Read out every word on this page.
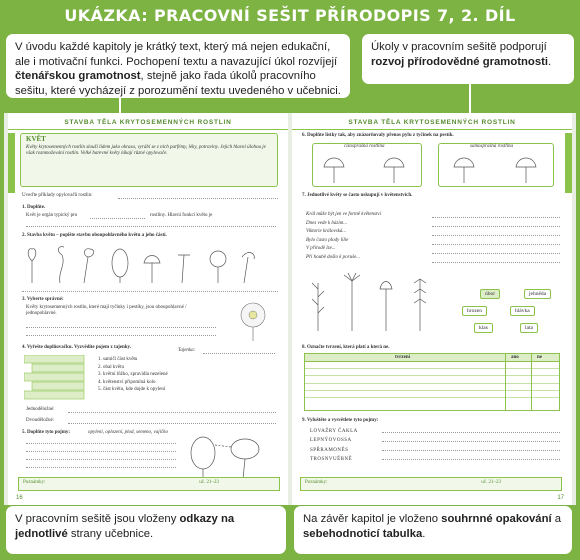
UKÁZKA: PRACOVNÍ SEŠIT PŘÍRODOPIS 7, 2. DÍL
V úvodu každé kapitoly je krátký text, který má nejen edukační, ale i motivační funkci. Pochopení textu a navazující úkol rozvíjejí čtenářskou gramotnost, stejně jako řada úkolů pracovního sešitu, které vycházejí z porozumění textu uvedeného v učebnici.
Úkoly v pracovním sešitě podporují rozvoj přírodovědné gramotnosti.
V pracovním sešitě jsou vloženy odkazy na jednotlivé strany učebnice.
Na závěr kapitol je vloženo souhrnné opakování a sebehodnoticí tabulka.
STAVBA TĚLA KRYTOSEMENNÝCH ROSTLIN
KVĚT
Květy krytosemenných rostlin slouží lidem jako okrasa, vyrábí se z nich parfémy, léky, potraviny. Jejich hlavní úlohou je však rozmnožování rostlin. Velké barevné květy lákají různé opylovače.
Uveďte příklady opylovačů rostlin:
1. Doplňte.
Květ je orgán typický pro	rostliny. Hlavní funkcí květu je
2. Stavba květu – popište stavbu oboupohlavného květu a jeho částí.
3. Vyberte správné:
Květy krytosemenných rostlin, které mají tyčinky i pestíky, jsou oboupohlavné / jednopohlavné.
4. Vyřešte doplňovačku. Vyzvědíte pojem z tajenky.
1. samičí část květu
2. obal květu
3. květní lůžko, zpravidla nezelené
4. květenství připomíná kolo
5. část květu, kde dojde k opylení
Tajenka:
Jednoděložné:
Dvouděložné:
5. Doplňte tyto pojmy:	opylení, oplození, plod, semeno, vajíčko
Poznámky:	uč. 21–23
16
STAVBA TĚLA KRYTOSEMENNÝCH ROSTLIN
6. Doplňte lístky tak, aby znázorňovaly přenos pylu z tyčinek na pestík.
cizosprašná rostlina	samosprašná rostlina
7. Jednotlivé květy se často uskupují v květenstvích.
Král může být jen ve formě květenství
Dnes vede k bázím...
Viktorie královská...
Bylo často plody lilie
V přírodě lze...
Při houbě došlo k poruše...
úbor	jehnědа
hrozen	hlávka
klas	lata
8. Označte tvrzení, která platí a která ne.
tvrzení	ano	ne
9. Vyluštěte a vysvětlete tyto pojmy:
LOVAŽRY ČAKLA
LEPNÝOVOSSA
SPŘRAMONĚS
TROSNVUĚBNĚ
Poznámky:	uč. 21–23
17
